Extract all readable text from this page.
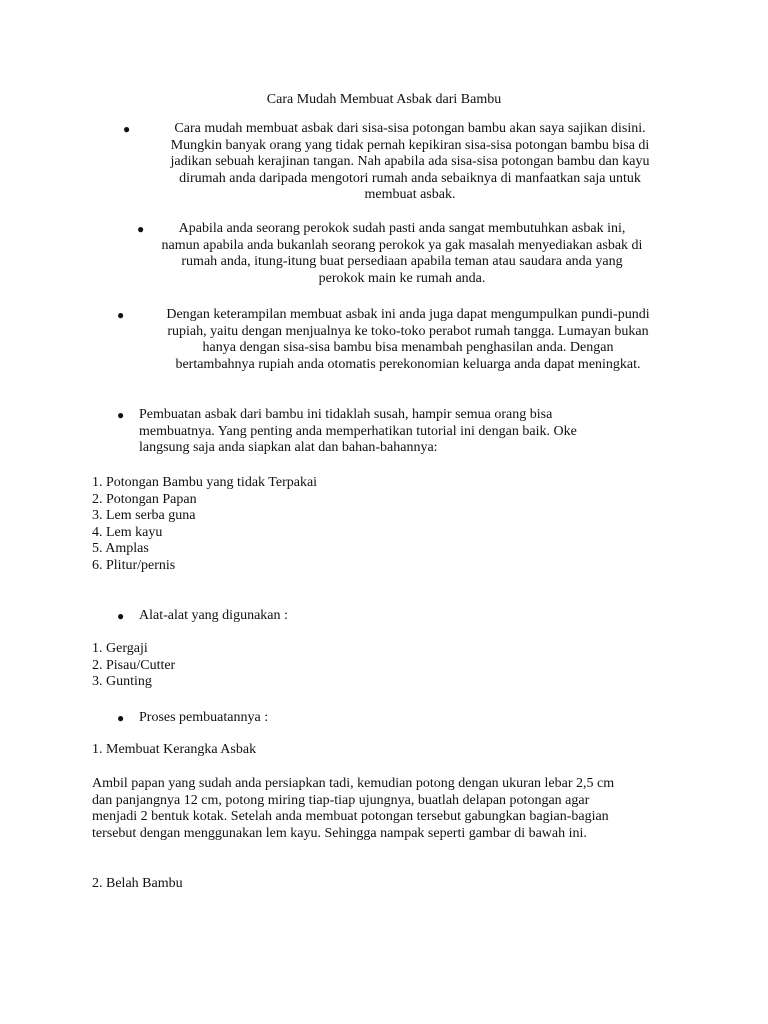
Cara Mudah Membuat Asbak dari Bambu
●	Cara mudah membuat asbak dari sisa-sisa potongan bambu akan saya sajikan disini.
Mungkin banyak orang yang tidak pernah kepikiran sisa-sisa potongan bambu bisa di
jadikan sebuah kerajinan tangan. Nah apabila ada sisa-sisa potongan bambu dan kayu
dirumah anda daripada mengotori rumah anda sebaiknya di manfaatkan saja untuk
membuat asbak.
●	Apabila anda seorang perokok sudah pasti anda sangat membutuhkan asbak ini,
namun apabila anda bukanlah seorang perokok ya gak masalah menyediakan asbak di
rumah anda, itung-itung buat persediaan apabila teman atau saudara anda yang
perokok main ke rumah anda.
●	Dengan keterampilan membuat asbak ini anda juga dapat mengumpulkan pundi-pundi
rupiah, yaitu dengan menjualnya ke toko-toko perabot rumah tangga. Lumayan bukan
hanya dengan sisa-sisa bambu bisa menambah penghasilan anda. Dengan
bertambahnya rupiah anda otomatis perekonomian keluarga anda dapat meningkat.
●	Pembuatan asbak dari bambu ini tidaklah susah, hampir semua orang bisa
membuatnya. Yang penting anda memperhatikan tutorial ini dengan baik. Oke
langsung saja anda siapkan alat dan bahan-bahannya:
1. Potongan Bambu yang tidak Terpakai
2. Potongan Papan
3. Lem serba guna
4. Lem kayu
5. Amplas
6. Plitur/pernis
●	Alat-alat yang digunakan :
1. Gergaji
2. Pisau/Cutter
3. Gunting
●	Proses pembuatannya :
1. Membuat Kerangka Asbak
Ambil papan yang sudah anda persiapkan tadi, kemudian potong dengan ukuran lebar 2,5 cm
dan panjangnya 12 cm, potong miring tiap-tiap ujungnya, buatlah delapan potongan agar
menjadi 2 bentuk kotak. Setelah anda membuat potongan tersebut gabungkan bagian-bagian
tersebut dengan menggunakan lem kayu. Sehingga nampak seperti gambar di bawah ini.
2. Belah Bambu
